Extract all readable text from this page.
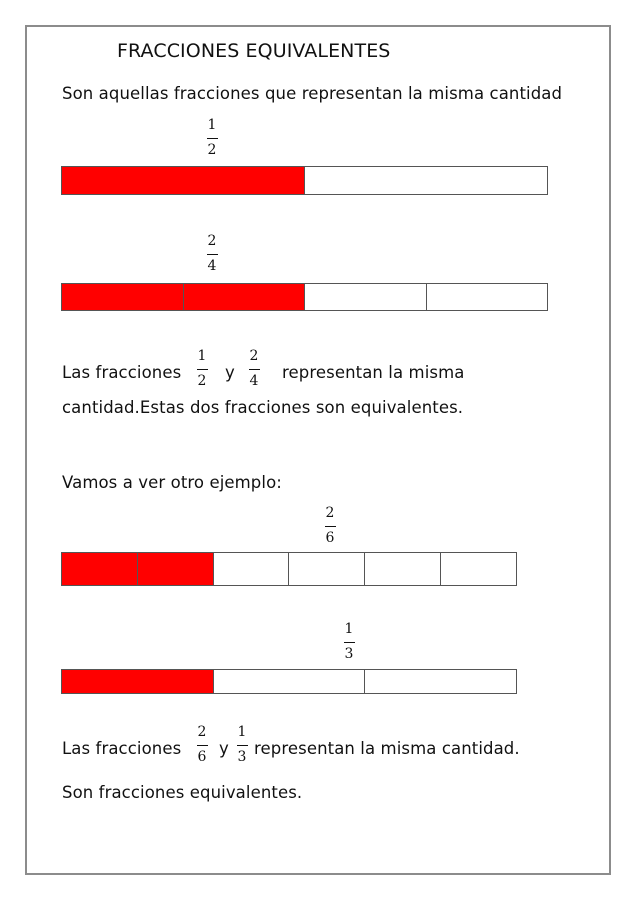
FRACCIONES EQUIVALENTES
Son aquellas fracciones que representan la misma cantidad
1
2
2
4
Las fracciones
1
2	y
2
4	representan la misma
cantidad.Estas dos fracciones son equivalentes.
Vamos a ver otro ejemplo:
2
6
1
3
Las fracciones
2
6 y
1
3 representan la misma cantidad.
Son fracciones equivalentes.
